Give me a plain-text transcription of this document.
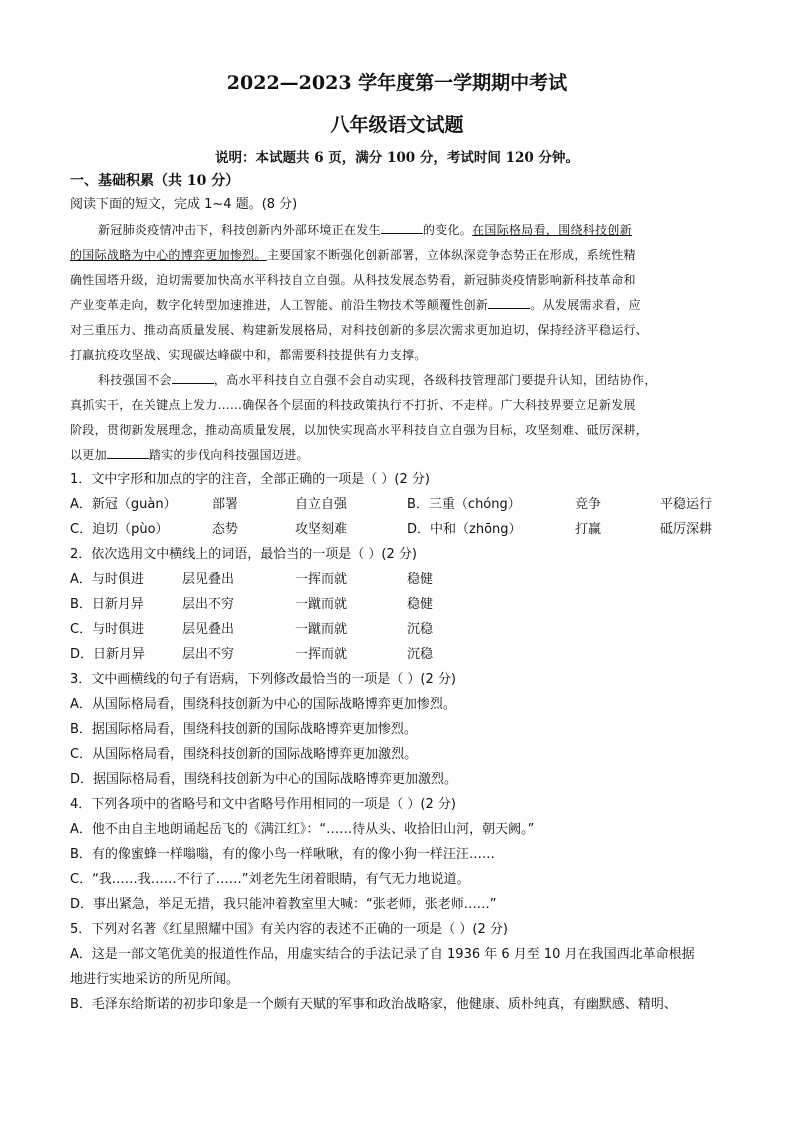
2022—2023 学年度第一学期期中考试
八年级语文试题
说明：本试题共 6 页，满分 100 分，考试时间 120 分钟。
一、基础积累（共 10 分）
阅读下面的短文，完成 1~4 题。(8 分)
新冠肺炎疫情冲击下，科技创新内外部环境正在发生	的变化。在国际格局看，围绕科技创新
的国际战略为中心的博弈更加惨烈。主要国家不断强化创新部署，立体纵深竞争态势正在形成，系统性精
确性国塔升级，迫切需要加快高水平科技自立自强。从科技发展态势看，新冠肺炎疫情影响新科技革命和
产业变革走向，数字化转型加速推进，人工智能、前沿生物技术等颠覆性创新	。从发展需求看，应
对三重压力、推动高质量发展、构建新发展格局，对科技创新的多层次需求更加迫切，保持经济平稳运行、
打赢抗疫攻坚战、实现碳达峰碳中和，都需要科技提供有力支撑。
科技强国不会	，高水平科技自立自强不会自动实现，各级科技管理部门要提升认知，团结协作，
真抓实干，在关键点上发力……确保各个层面的科技政策执行不打折、不走样。广大科技界要立足新发展
阶段，贯彻新发展理念，推动高质量发展，以加快实现高水平科技自立自强为目标，攻坚刻难、砥厉深耕，
以更加	踏实的步伐向科技强国迈进。
1．文中字形和加点的字的注音，全部正确的一项是（ ）(2 分)
A．新冠（guàn）	部署	自立自强	B．三重（chóng）	竞争	平稳运行
C．迫切（pùo）	态势	攻坚刻难	D．中和（zhōng）	打赢	砥厉深耕
2．依次选用文中横线上的词语，最恰当的一项是（ ）(2 分)
A．与时俱进	层见叠出	一挥而就	稳健
B．日新月异	层出不穷	一蹴而就	稳健
C．与时俱进	层见叠出	一蹴而就	沉稳
D．日新月异	层出不穷	一挥而就	沉稳
3．文中画横线的句子有语病，下列修改最恰当的一项是（ ）(2 分)
A．从国际格局看，围绕科技创新为中心的国际战略博弈更加惨烈。
B．据国际格局看，围绕科技创新的国际战略博弈更加惨烈。
C．从国际格局看，围绕科技创新的国际战略博弈更加激烈。
D．据国际格局看，围绕科技创新为中心的国际战略博弈更加激烈。
4．下列各项中的省略号和文中省略号作用相同的一项是（ ）(2 分)
A．他不由自主地朗诵起岳飞的《满江红》：“……待从头、收拾旧山河，朝天阙。”
B．有的像蜜蜂一样嗡嗡，有的像小鸟一样啾啾，有的像小狗一样汪汪……
C．“我……我……不行了……”刘老先生闭着眼睛，有气无力地说道。
D．事出紧急，举足无措，我只能冲着教室里大喊：“张老师，张老师……”
5．下列对名著《红星照耀中国》有关内容的表述不正确的一项是（ ）(2 分)
A．这是一部文笔优美的报道性作品，用虚实结合的手法记录了自 1936 年 6 月至 10 月在我国西北革命根据
地进行实地采访的所见所闻。
B．毛泽东给斯诺的初步印象是一个颇有天赋的军事和政治战略家，他健康、质朴纯真，有幽默感、精明、
